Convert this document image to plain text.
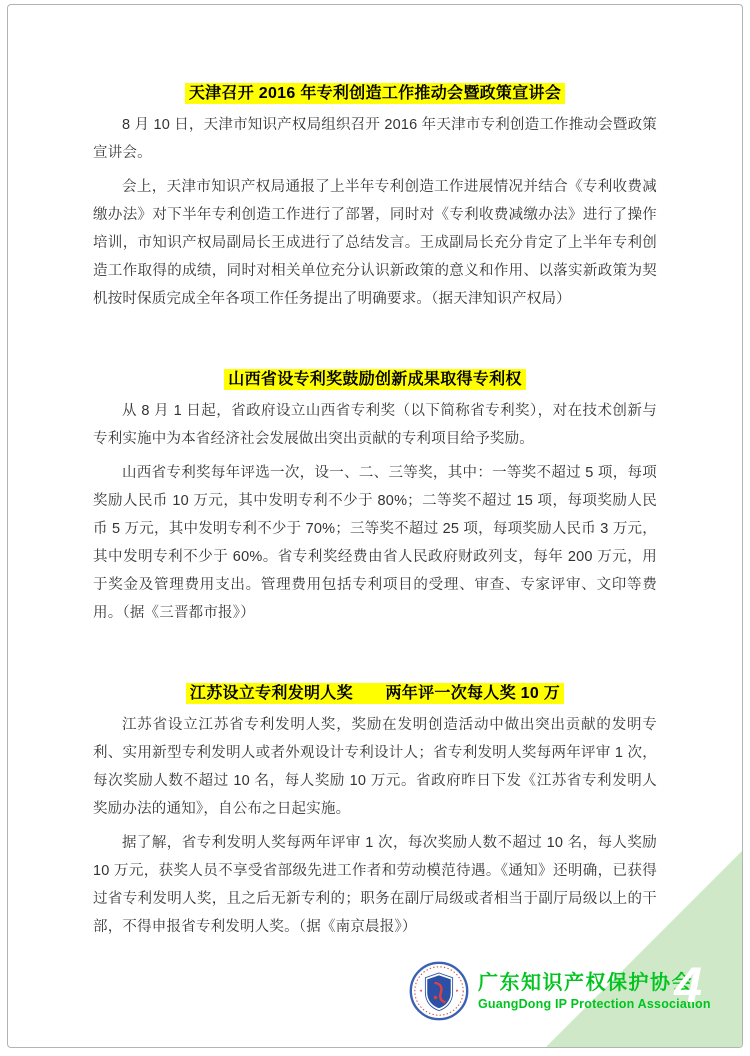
天津召开 2016 年专利创造工作推动会暨政策宣讲会

8 月 10 日，天津市知识产权局组织召开 2016 年天津市专利创造工作推动会暨政策宣讲会。

会上，天津市知识产权局通报了上半年专利创造工作进展情况并结合《专利收费减缴办法》对下半年专利创造工作进行了部署，同时对《专利收费减缴办法》进行了操作培训，市知识产权局副局长王成进行了总结发言。王成副局长充分肯定了上半年专利创造工作取得的成绩，同时对相关单位充分认识新政策的意义和作用、以落实新政策为契机按时保质完成全年各项工作任务提出了明确要求。（据天津知识产权局）

山西省设专利奖鼓励创新成果取得专利权

从 8 月 1 日起，省政府设立山西省专利奖（以下简称省专利奖），对在技术创新与专利实施中为本省经济社会发展做出突出贡献的专利项目给予奖励。

山西省专利奖每年评选一次，设一、二、三等奖，其中：一等奖不超过 5 项，每项奖励人民币 10 万元，其中发明专利不少于 80%；二等奖不超过 15 项，每项奖励人民币 5 万元，其中发明专利不少于 70%；三等奖不超过 25 项，每项奖励人民币 3 万元，其中发明专利不少于 60%。省专利奖经费由省人民政府财政列支，每年 200 万元，用于奖金及管理费用支出。管理费用包括专利项目的受理、审查、专家评审、文印等费用。（据《三晋都市报》）

江苏设立专利发明人奖　　两年评一次每人奖 10 万

江苏省设立江苏省专利发明人奖，奖励在发明创造活动中做出突出贡献的发明专利、实用新型专利发明人或者外观设计专利设计人；省专利发明人奖每两年评审 1 次，每次奖励人数不超过 10 名，每人奖励 10 万元。省政府昨日下发《江苏省专利发明人奖励办法的通知》，自公布之日起实施。

据了解，省专利发明人奖每两年评审 1 次，每次奖励人数不超过 10 名，每人奖励 10 万元，获奖人员不享受省部级先进工作者和劳动模范待遇。《通知》还明确，已获得过省专利发明人奖，且之后无新专利的；职务在副厅局级或者相当于副厅局级以上的干部，不得申报省专利发明人奖。（据《南京晨报》）

广东知识产权保护协会
GuangDong IP Protection Association
4
